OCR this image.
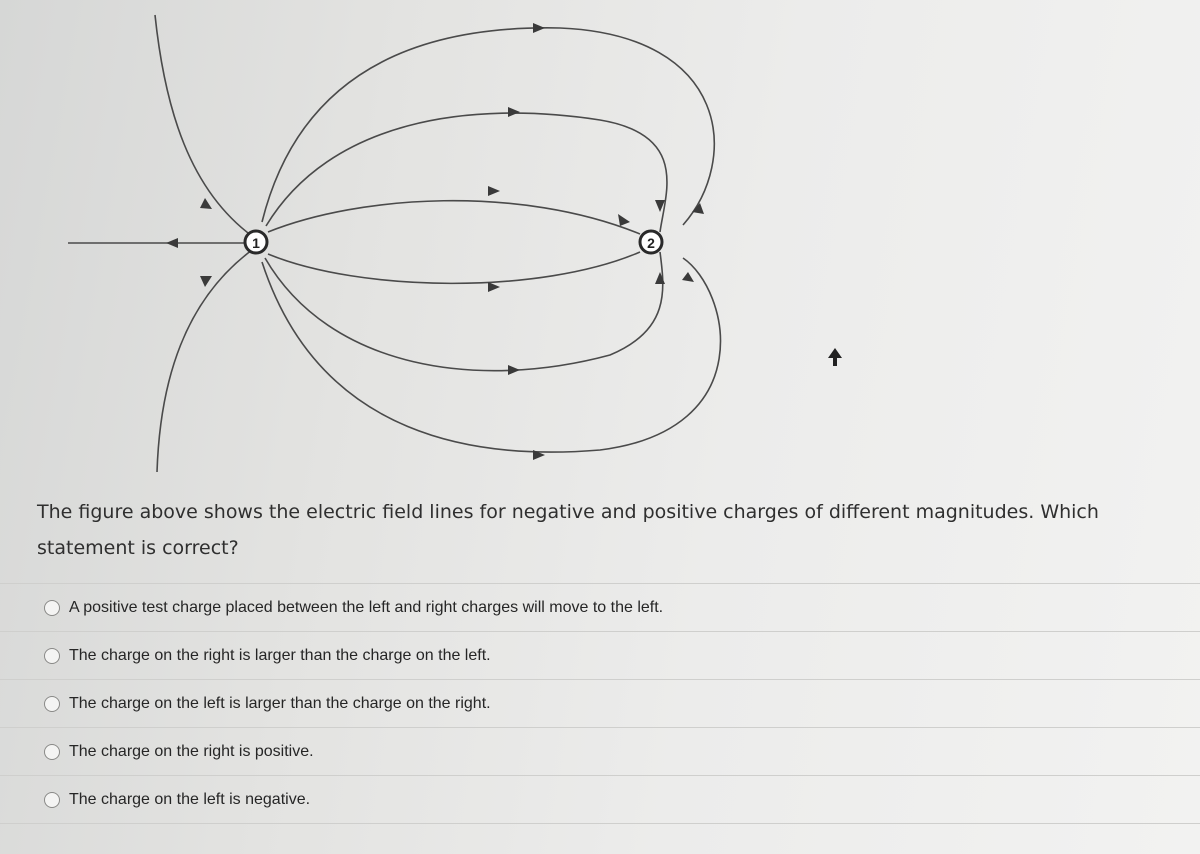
1	2

The figure above shows the electric field lines for negative and positive charges of different magnitudes. Which statement is correct?

A positive test charge placed between the left and right charges will move to the left.
The charge on the right is larger than the charge on the left.
The charge on the left is larger than the charge on the right.
The charge on the right is positive.
The charge on the left is negative.
